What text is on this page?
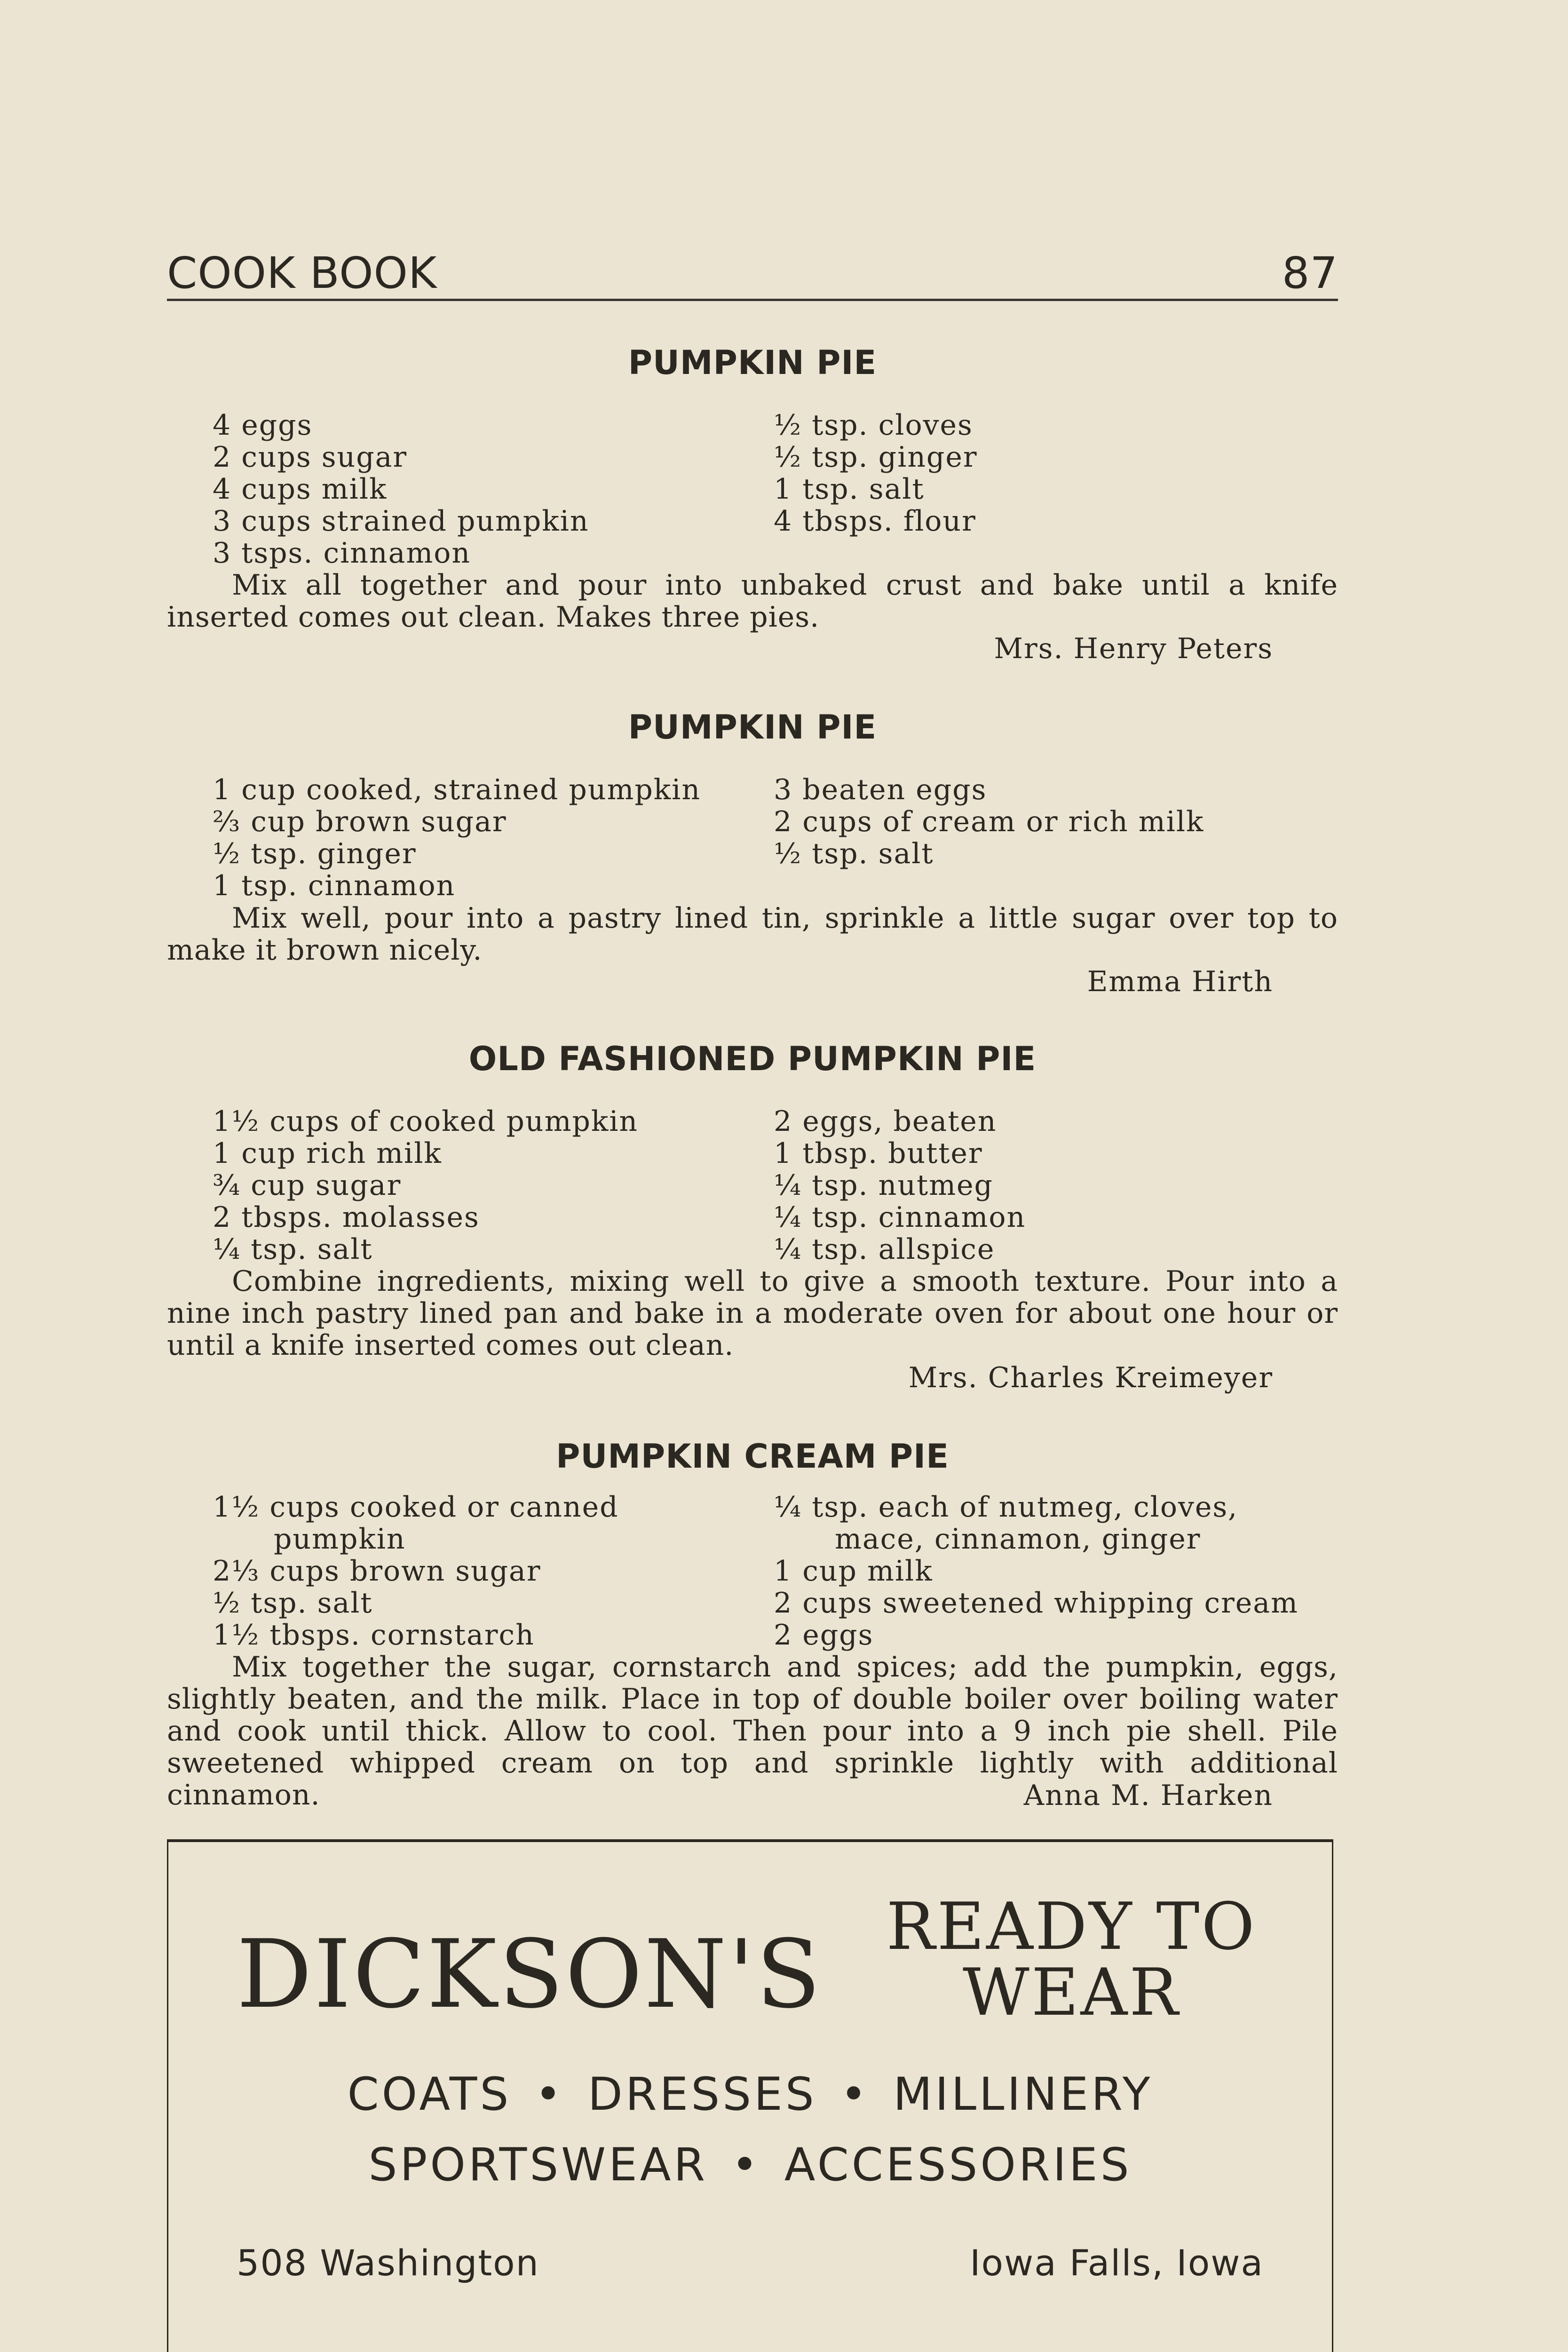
COOK BOOK	87
PUMPKIN PIE
4 eggs
2 cups sugar
4 cups milk
3 cups strained pumpkin
3 tsps. cinnamon
½ tsp. cloves
½ tsp. ginger
1 tsp. salt
4 tbsps. flour
Mix all together and pour into unbaked crust and bake until a knife inserted comes out clean. Makes three pies.
Mrs. Henry Peters
PUMPKIN PIE
1 cup cooked, strained pumpkin
⅔ cup brown sugar
½ tsp. ginger
1 tsp. cinnamon
3 beaten eggs
2 cups of cream or rich milk
½ tsp. salt
Mix well, pour into a pastry lined tin, sprinkle a little sugar over top to make it brown nicely.
Emma Hirth
OLD FASHIONED PUMPKIN PIE
1½ cups of cooked pumpkin
1 cup rich milk
¾ cup sugar
2 tbsps. molasses
¼ tsp. salt
2 eggs, beaten
1 tbsp. butter
¼ tsp. nutmeg
¼ tsp. cinnamon
¼ tsp. allspice
Combine ingredients, mixing well to give a smooth texture. Pour into a nine inch pastry lined pan and bake in a moderate oven for about one hour or until a knife inserted comes out clean.
Mrs. Charles Kreimeyer
PUMPKIN CREAM PIE
1½ cups cooked or canned
pumpkin
2⅓ cups brown sugar
½ tsp. salt
1½ tbsps. cornstarch
¼ tsp. each of nutmeg, cloves,
mace, cinnamon, ginger
1 cup milk
2 cups sweetened whipping cream
2 eggs
Mix together the sugar, cornstarch and spices; add the pumpkin, eggs, slightly beaten, and the milk. Place in top of double boiler over boiling water and cook until thick. Allow to cool. Then pour into a 9 inch pie shell. Pile sweetened whipped cream on top and sprinkle lightly with additional cinnamon.	Anna M. Harken
DICKSON'S READY TO
WEAR
COATS • DRESSES • MILLINERY
SPORTSWEAR • ACCESSORIES
508 Washington	Iowa Falls, Iowa
